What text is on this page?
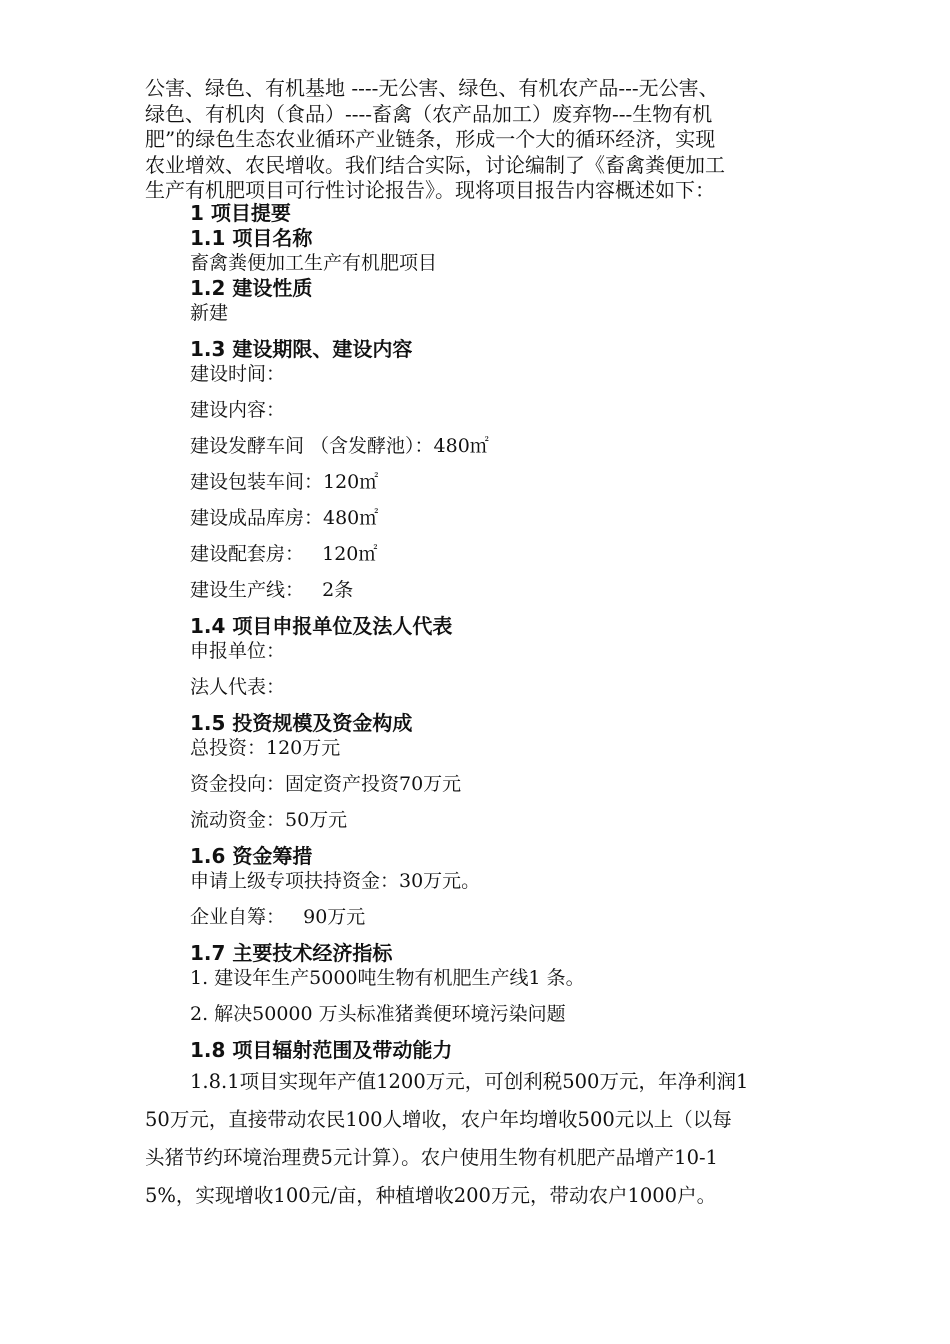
公害、绿色、有机基地 ----无公害、绿色、有机农产品---无公害、
绿色、有机肉（食品）----畜禽（农产品加工）废弃物---生物有机
肥”的绿色生态农业循环产业链条，形成一个大的循环经济，实现
农业增效、农民增收。我们结合实际，讨论编制了《畜禽粪便加工
生产有机肥项目可行性讨论报告》。现将项目报告内容概述如下：
1 项目提要
1.1 项目名称
畜禽粪便加工生产有机肥项目
1.2 建设性质
新建
1.3 建设期限、建设内容
建设时间：
建设内容：
建设发酵车间 （含发酵池）：480㎡
建设包装车间：120㎡
建设成品库房：480㎡
建设配套房：   120㎡
建设生产线：   2条
1.4 项目申报单位及法人代表
申报单位：
法人代表：
1.5 投资规模及资金构成
总投资：120万元
资金投向：固定资产投资70万元
流动资金：50万元
1.6 资金筹措
申请上级专项扶持资金：30万元。
企业自筹：   90万元
1.7 主要技术经济指标
1. 建设年生产5000吨生物有机肥生产线1 条。
2. 解决50000 万头标准猪粪便环境污染问题
1.8 项目辐射范围及带动能力
1.8.1项目实现年产值1200万元，可创利税500万元，年净利润1
50万元，直接带动农民100人增收，农户年均增收500元以上（以每
头猪节约环境治理费5元计算）。农户使用生物有机肥产品增产10-1
5%，实现增收100元/亩，种植增收200万元，带动农户1000户。
